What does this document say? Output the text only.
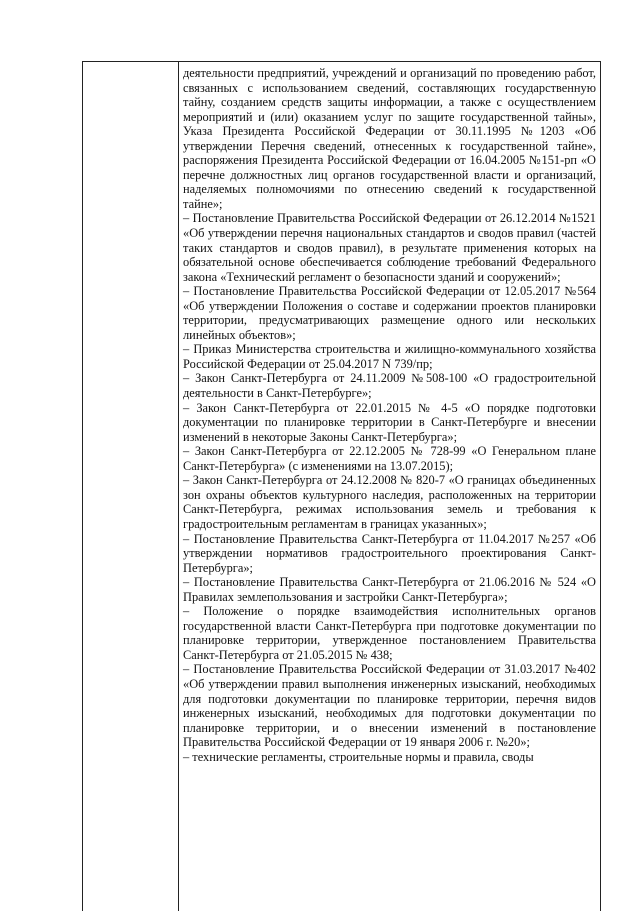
деятельности предприятий, учреждений и организаций по проведению работ, связанных с использованием сведений, составляющих государственную тайну, созданием средств защиты информации, а также с осуществлением мероприятий и (или) оказанием услуг по защите государственной тайны», Указа Президента Российской Федерации от 30.11.1995 №1203 «Об утверждении Перечня сведений, отнесенных к государственной тайне», распоряжения Президента Российской Федерации от 16.04.2005 №151-рп «О перечне должностных лиц органов государственной власти и организаций, наделяемых полномочиями по отнесению сведений к государственной тайне»;

– Постановление Правительства Российской Федерации от 26.12.2014 №1521 «Об утверждении перечня национальных стандартов и сводов правил (частей таких стандартов и сводов правил), в результате применения которых на обязательной основе обеспечивается соблюдение требований Федерального закона «Технический регламент о безопасности зданий и сооружений»;

– Постановление Правительства Российской Федерации от 12.05.2017 №564 «Об утверждении Положения о составе и содержании проектов планировки территории, предусматривающих размещение одного или нескольких линейных объектов»;

– Приказ Министерства строительства и жилищно-коммунального хозяйства Российской Федерации от 25.04.2017 N 739/пр;

– Закон Санкт-Петербурга от 24.11.2009 №508-100 «О градостроительной деятельности в Санкт-Петербурге»;

– Закон Санкт-Петербурга от 22.01.2015 № 4-5 «О порядке подготовки документации по планировке территории в Санкт-Петербурге и внесении изменений в некоторые Законы Санкт-Петербурга»;

– Закон Санкт-Петербурга от 22.12.2005 № 728-99 «О Генеральном плане Санкт-Петербурга» (с изменениями на 13.07.2015);

– Закон Санкт-Петербурга от 24.12.2008 № 820-7 «О границах объединенных зон охраны объектов культурного наследия, расположенных на территории Санкт-Петербурга, режимах использования земель и требования к градостроительным регламентам в границах указанных»;

– Постановление Правительства Санкт-Петербурга от 11.04.2017 №257 «Об утверждении нормативов градостроительного проектирования Санкт-Петербурга»;

– Постановление Правительства Санкт-Петербурга от 21.06.2016 № 524 «О Правилах землепользования и застройки Санкт-Петербурга»;

– Положение о порядке взаимодействия исполнительных органов государственной власти Санкт-Петербурга при подготовке документации по планировке территории, утвержденное постановлением Правительства Санкт-Петербурга от 21.05.2015 № 438;

– Постановление Правительства Российской Федерации от 31.03.2017 №402 «Об утверждении правил выполнения инженерных изысканий, необходимых для подготовки документации по планировке территории, перечня видов инженерных изысканий, необходимых для подготовки документации по планировке территории, и о внесении изменений в постановление Правительства Российской Федерации от 19 января 2006 г. №20»;

– технические регламенты, строительные нормы и правила, своды
